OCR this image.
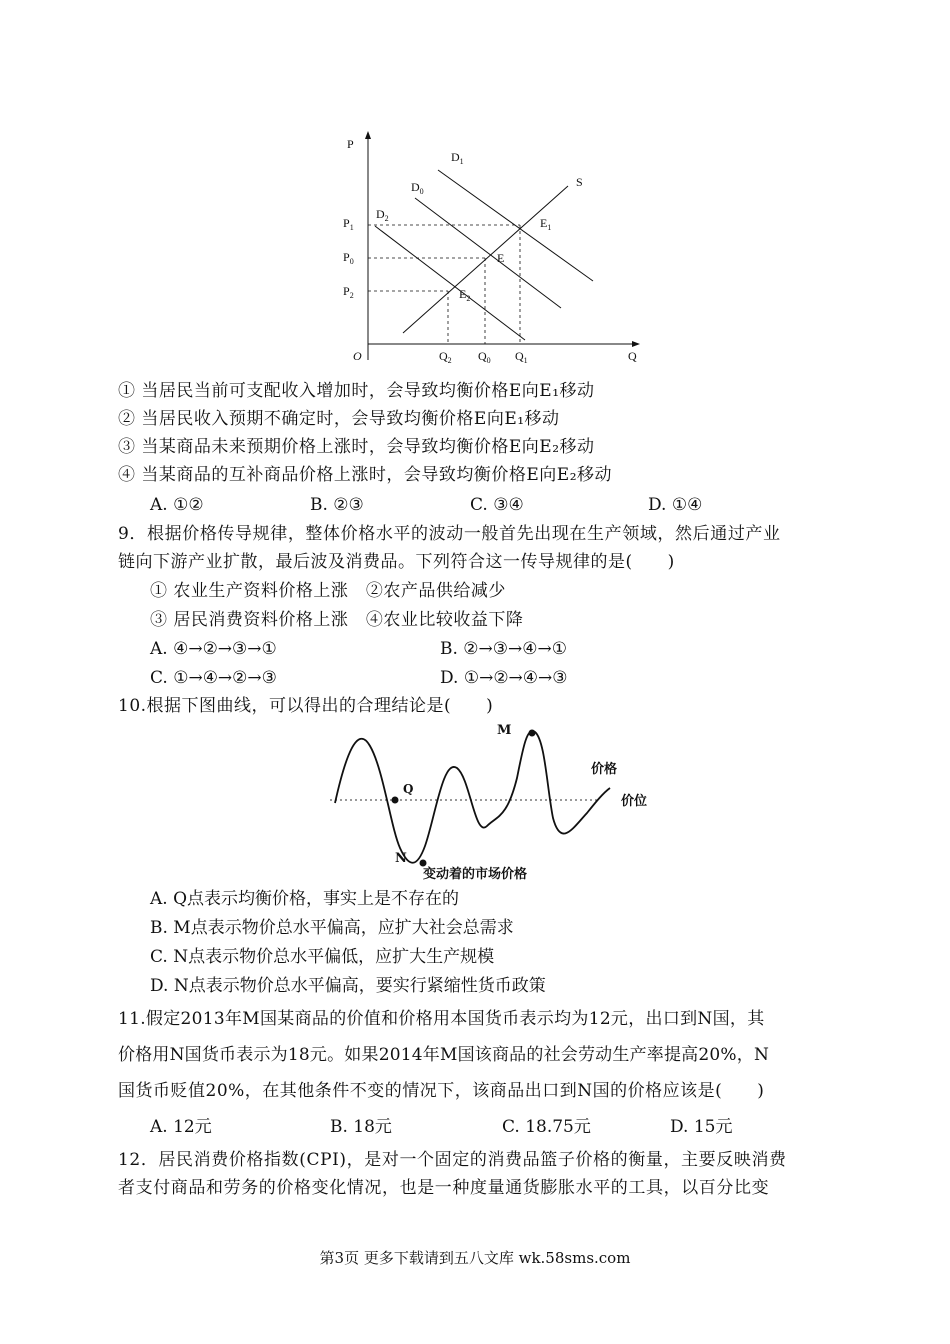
P
Q
O
$P_1$
$P_0$
$P_2$
$Q_2$ $Q_0$ $Q_1$
$D_1$
$D_0$
$D_2$
S
E
$E_1$
$E_2$
① 当居民当前可支配收入增加时，会导致均衡价格E向E₁移动
② 当居民收入预期不确定时，会导致均衡价格E向E₁移动
③ 当某商品未来预期价格上涨时，会导致均衡价格E向E₂移动
④ 当某商品的互补商品价格上涨时，会导致均衡价格E向E₂移动
A. ①②	B. ②③	C. ③④	D. ①④
9．根据价格传导规律，整体价格水平的波动一般首先出现在生产领域，然后通过产业
链向下游产业扩散，最后波及消费品。下列符合这一传导规律的是(　　)
① 农业生产资料价格上涨　②农产品供给减少
③ 居民消费资料价格上涨　④农业比较收益下降
A. ④→②→③→①	B. ②→③→④→①
C. ①→④→②→③	D. ①→②→④→③
10.根据下图曲线，可以得出的合理结论是(　　)
M
Q
N
价格
价位
变动着的市场价格
A. Q点表示均衡价格，事实上是不存在的
B. M点表示物价总水平偏高，应扩大社会总需求
C. N点表示物价总水平偏低，应扩大生产规模
D. N点表示物价总水平偏高，要实行紧缩性货币政策
11.假定2013年M国某商品的价值和价格用本国货币表示均为12元，出口到N国，其
价格用N国货币表示为18元。如果2014年M国该商品的社会劳动生产率提高20%，N
国货币贬值20%，在其他条件不变的情况下，该商品出口到N国的价格应该是(　　)
A. 12元	B. 18元	C. 18.75元	D. 15元
12．居民消费价格指数(CPI)，是对一个固定的消费品篮子价格的衡量，主要反映消费
者支付商品和劳务的价格变化情况，也是一种度量通货膨胀水平的工具，以百分比变
第3页 更多下载请到五八文库 wk.58sms.com
